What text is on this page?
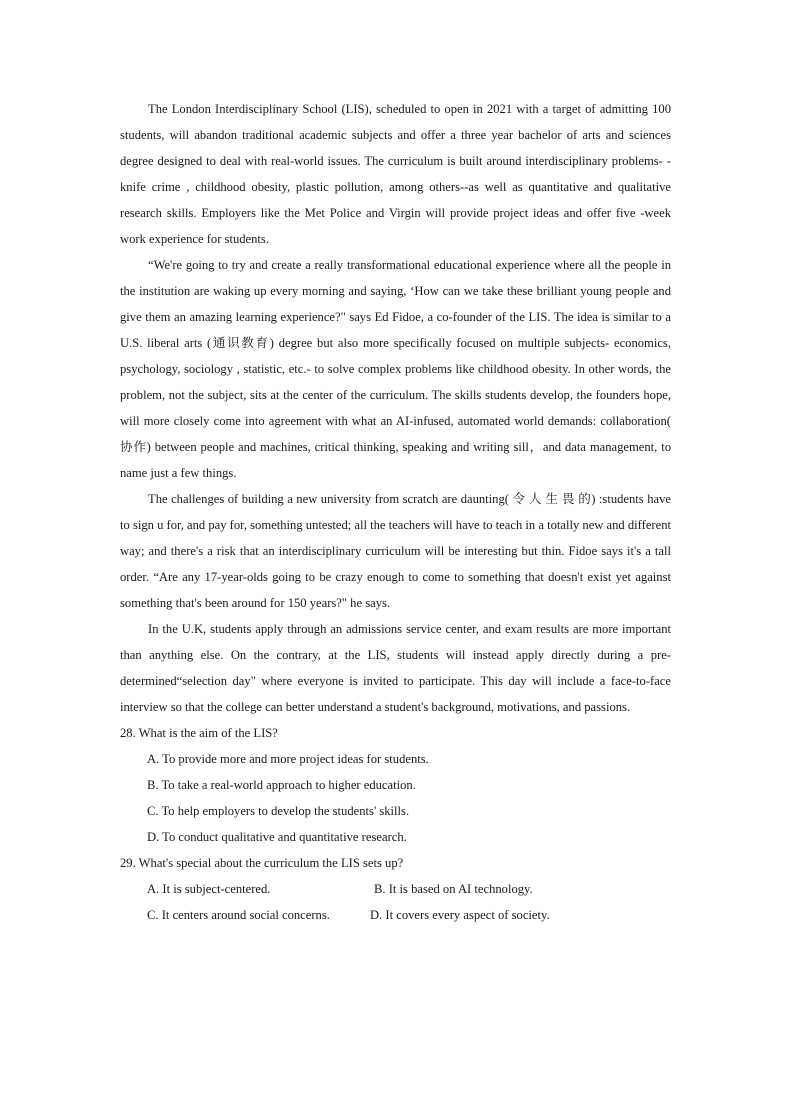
The London Interdisciplinary School (LIS), scheduled to open in 2021 with a target of admitting 100 students, will abandon traditional academic subjects and offer a three year bachelor of arts and sciences degree designed to deal with real-world issues. The curriculum is built around interdisciplinary problems- - knife crime , childhood obesity, plastic pollution, among others--as well as quantitative and qualitative research skills. Employers like the Met Police and Virgin will provide project ideas and offer five -week work experience for students.

“We're going to try and create a really transformational educational experience where all the people in the institution are waking up every morning and saying, ‘How can we take these brilliant young people and give them an amazing learning experience?" says Ed Fidoe, a co-founder of the LIS. The idea is similar to a U.S. liberal arts (通识教育) degree but also more specifically focused on multiple subjects- economics, psychology, sociology , statistic, etc.- to solve complex problems like childhood obesity. In other words, the problem, not the subject, sits at the center of the curriculum. The skills students develop, the founders hope, will more closely come into agreement with what an AI-infused, automated world demands: collaboration( 协作) between people and machines, critical thinking, speaking and writing sill，and data management, to name just a few things.

The challenges of building a new university from scratch are daunting( 令 人 生 畏 的) :students have to sign u for, and pay for, something untested; all the teachers will have to teach in a totally new and different way; and there's a risk that an interdisciplinary curriculum will be interesting but thin. Fidoe says it's a tall order. “Are any 17-year-olds going to be crazy enough to come to something that doesn't exist yet against something that's been around for 150 years?" he says.

In the U.K, students apply through an admissions service center, and exam results are more important than anything else. On the contrary, at the LIS, students will instead apply directly during a pre-determined“selection day" where everyone is invited to participate. This day will include a face-to-face interview so that the college can better understand a student's background, motivations, and passions.

28. What is the aim of the LIS?

A. To provide more and more project ideas for students.

B. To take a real-world approach to higher education.

C. To help employers to develop the students' skills.

D. To conduct qualitative and quantitative research.

29. What's special about the curriculum the LIS sets up?

A. It is subject-centered.	B. It is based on AI technology.
C. It centers around social concerns.	D. It covers every aspect of society.
